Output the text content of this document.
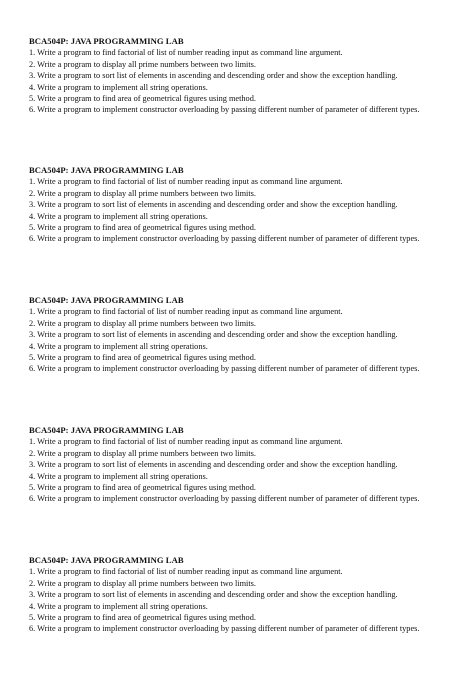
BCA504P: JAVA PROGRAMMING LAB
1. Write a program to find factorial of list of number reading input as command line argument.
2. Write a program to display all prime numbers between two limits.
3. Write a program to sort list of elements in ascending and descending order and show the exception handling.
4. Write a program to implement all string operations.
5. Write a program to find area of geometrical figures using method.
6. Write a program to implement constructor overloading by passing different number of parameter of different types.
BCA504P: JAVA PROGRAMMING LAB
1. Write a program to find factorial of list of number reading input as command line argument.
2. Write a program to display all prime numbers between two limits.
3. Write a program to sort list of elements in ascending and descending order and show the exception handling.
4. Write a program to implement all string operations.
5. Write a program to find area of geometrical figures using method.
6. Write a program to implement constructor overloading by passing different number of parameter of different types.
BCA504P: JAVA PROGRAMMING LAB
1. Write a program to find factorial of list of number reading input as command line argument.
2. Write a program to display all prime numbers between two limits.
3. Write a program to sort list of elements in ascending and descending order and show the exception handling.
4. Write a program to implement all string operations.
5. Write a program to find area of geometrical figures using method.
6. Write a program to implement constructor overloading by passing different number of parameter of different types.
BCA504P: JAVA PROGRAMMING LAB
1. Write a program to find factorial of list of number reading input as command line argument.
2. Write a program to display all prime numbers between two limits.
3. Write a program to sort list of elements in ascending and descending order and show the exception handling.
4. Write a program to implement all string operations.
5. Write a program to find area of geometrical figures using method.
6. Write a program to implement constructor overloading by passing different number of parameter of different types.
BCA504P: JAVA PROGRAMMING LAB
1. Write a program to find factorial of list of number reading input as command line argument.
2. Write a program to display all prime numbers between two limits.
3. Write a program to sort list of elements in ascending and descending order and show the exception handling.
4. Write a program to implement all string operations.
5. Write a program to find area of geometrical figures using method.
6. Write a program to implement constructor overloading by passing different number of parameter of different types.
